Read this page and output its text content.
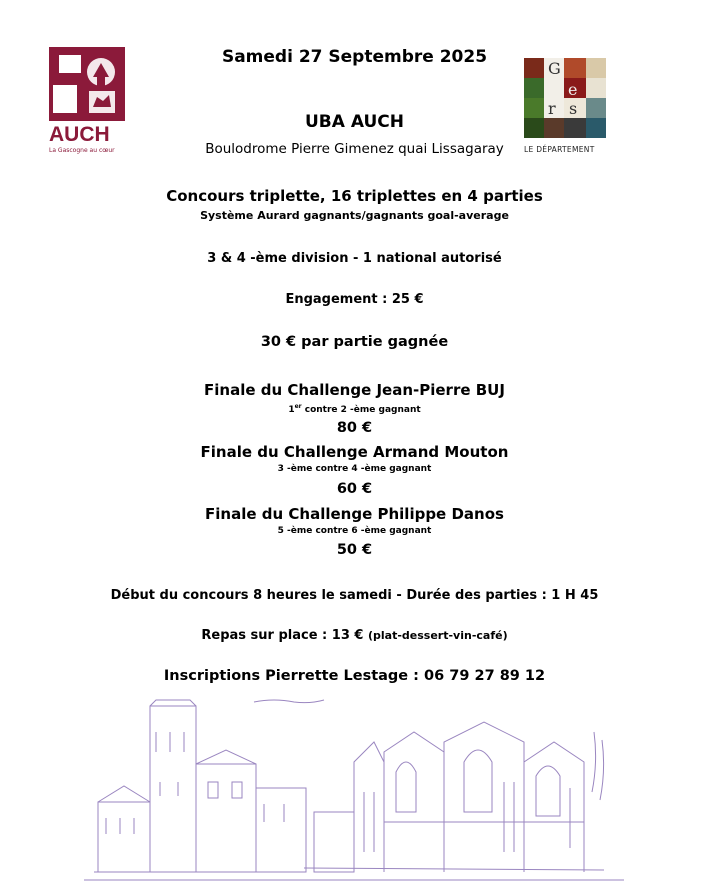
AUCH
La Gascogne au cœur
G
e
r s
LE DÉPARTEMENT
Samedi 27 Septembre 2025
UBA AUCH
Boulodrome Pierre Gimenez quai Lissagaray
Concours triplette, 16 triplettes en 4 parties
Système Aurard gagnants/gagnants goal-average
3 & 4 -ème division - 1 national autorisé
Engagement : 25 €
30 € par partie gagnée
Finale du Challenge Jean-Pierre BUJ
1er contre 2 -ème gagnant
80 €
Finale du Challenge Armand Mouton
3 -ème contre 4 -ème gagnant
60 €
Finale du Challenge Philippe Danos
5 -ème contre 6 -ème gagnant
50 €
Début du concours 8 heures le samedi - Durée des parties : 1 H 45
Repas sur place : 13 € (plat-dessert-vin-café)
Inscriptions Pierrette Lestage : 06 79 27 89 12
